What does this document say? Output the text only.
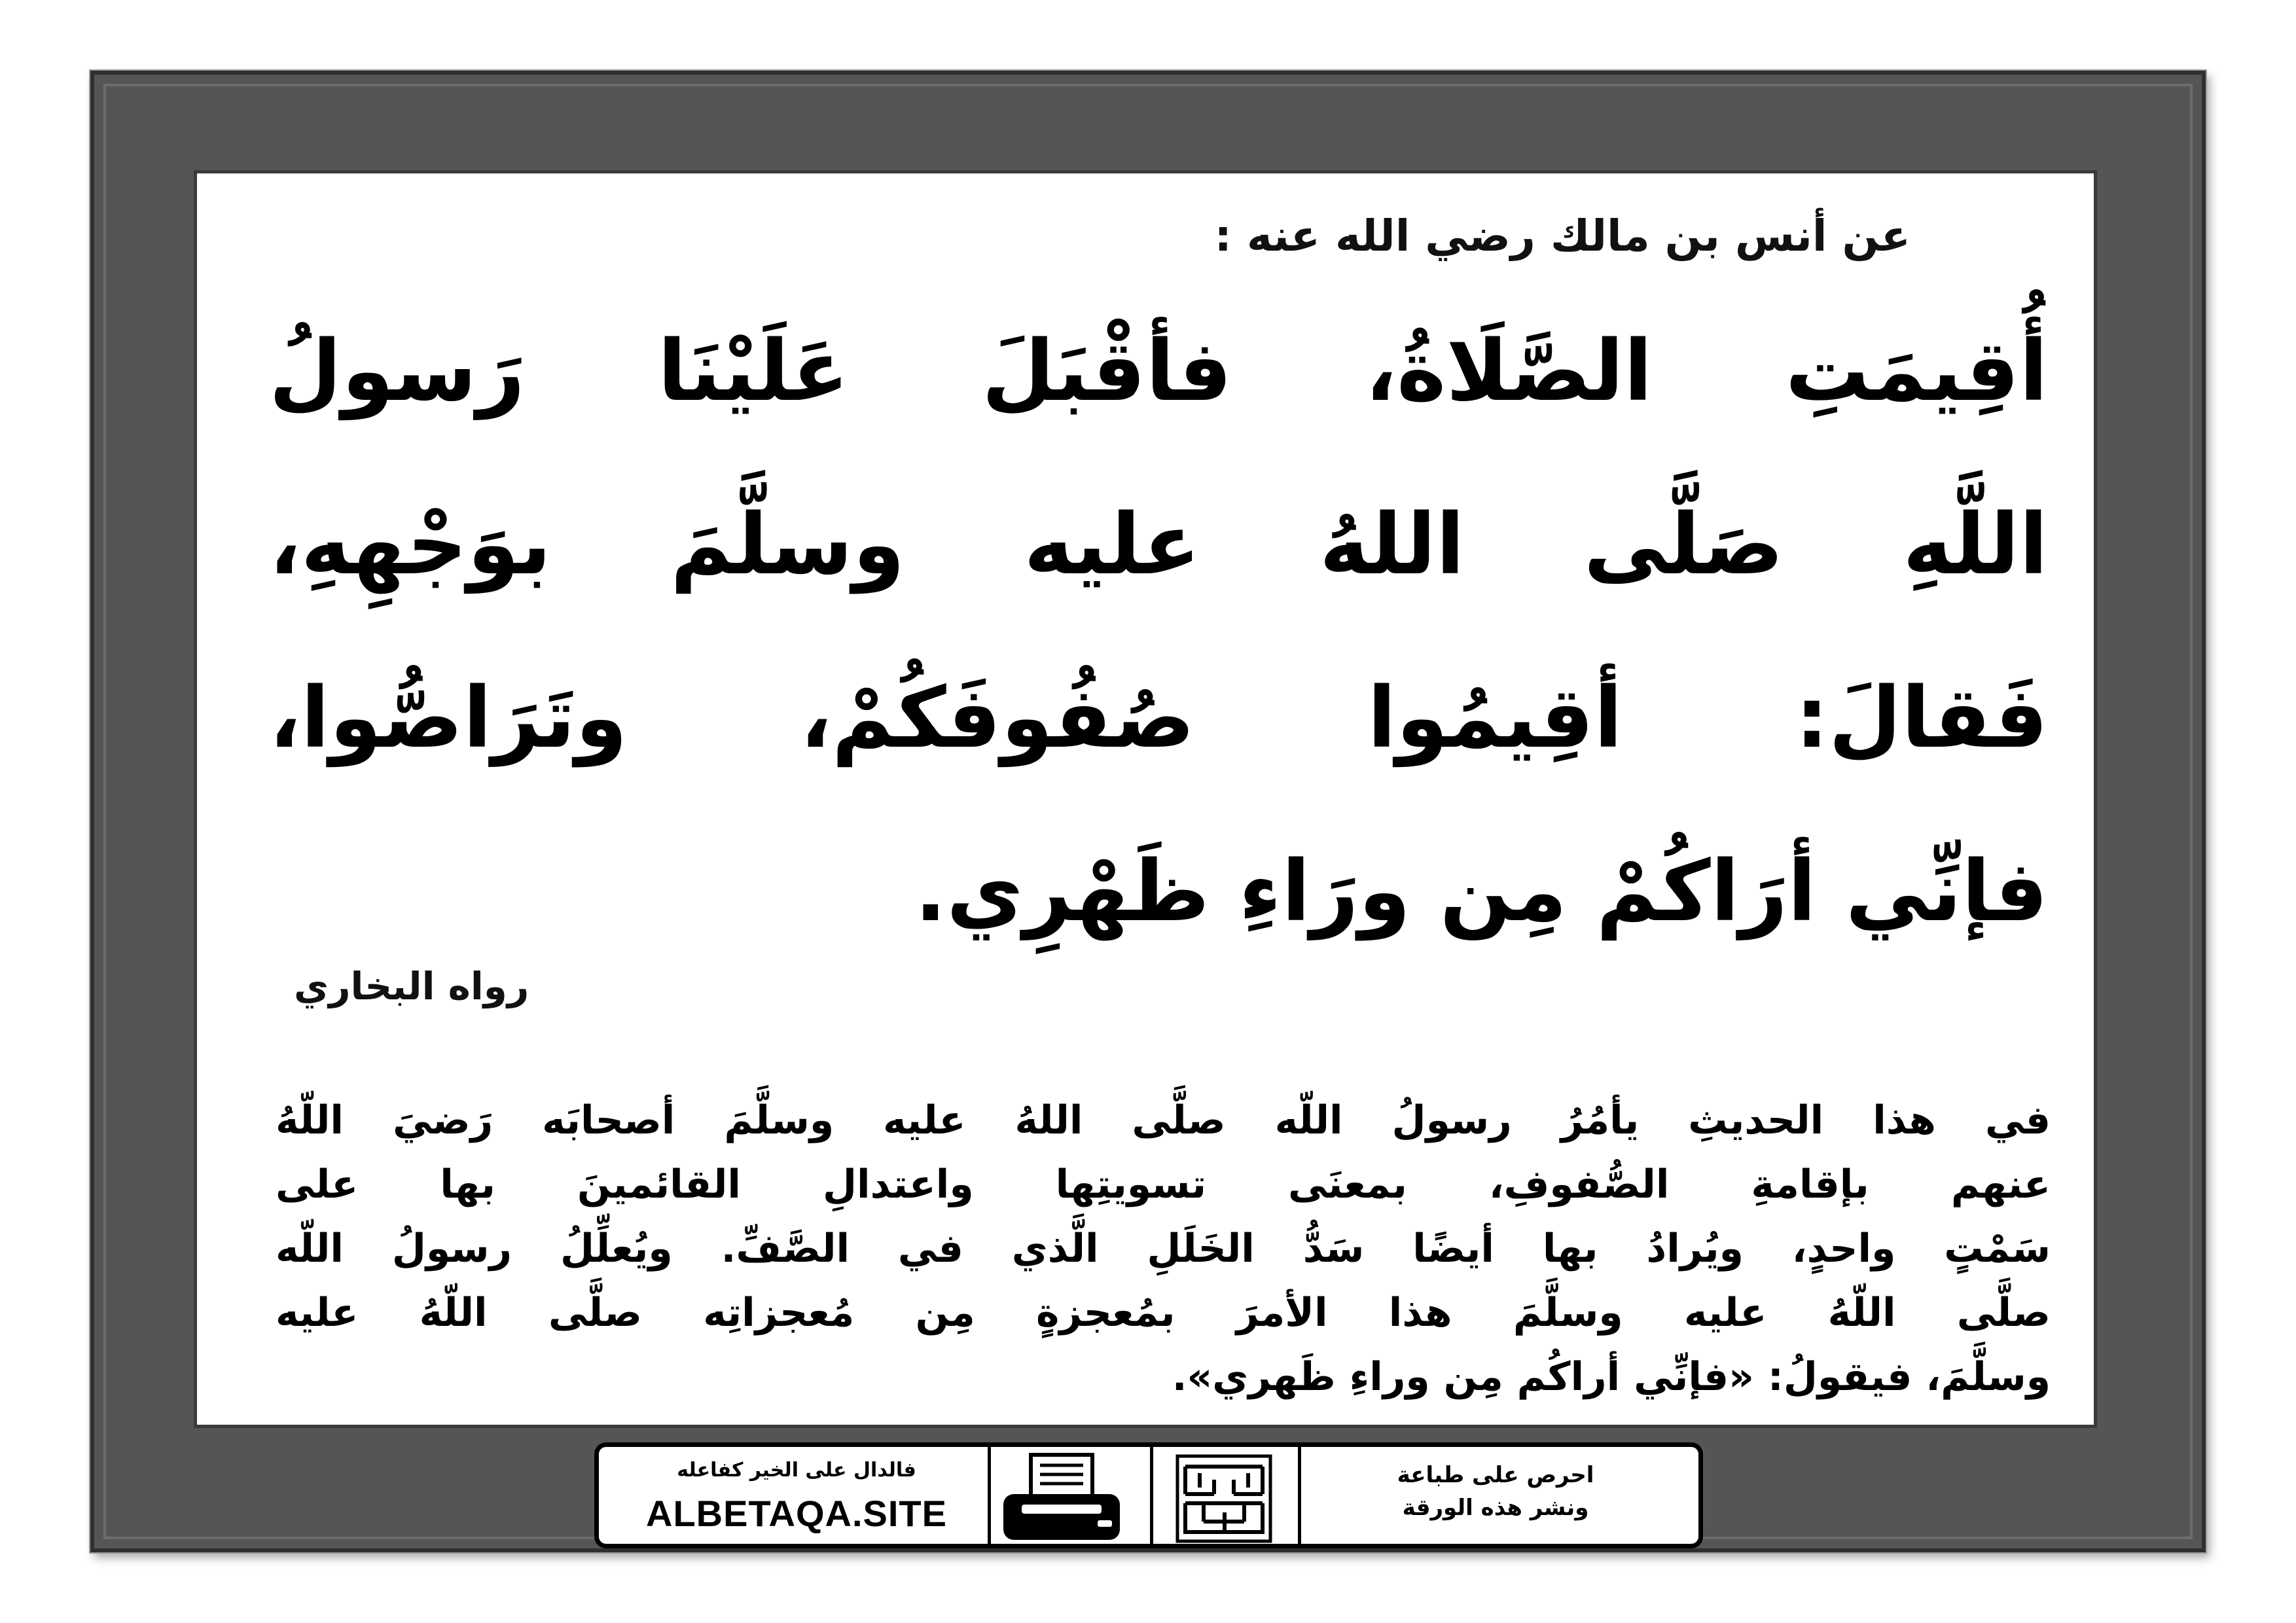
عن أنس بن مالك رضي الله عنه :
أُقِيمَتِ الصَّلَاةُ، فأقْبَلَ عَلَيْنَا رَسولُ
اللَّهِ صَلَّى اللهُ عليه وسلَّمَ بوَجْهِهِ،
فَقالَ: أقِيمُوا صُفُوفَكُمْ، وتَرَاصُّوا،
فإنِّي أرَاكُمْ مِن ورَاءِ ظَهْرِي.
رواه البخاري
في هذا الحديثِ يأمُرُ رسولُ اللّه صلَّى اللهُ عليه وسلَّمَ أصحابَه رَضيَ اللّهُ
عنهم بإقامةِ الصُّفوفِ، بمعنَى تسويتِها واعتدالِ القائمينَ بها على
سَمْتٍ واحدٍ، ويُرادُ بها أيضًا سَدُّ الخَلَلِ الَّذي في الصَّفِّ. ويُعلِّلُ رسولُ اللّه
صلَّى اللّهُ عليه وسلَّمَ هذا الأمرَ بمُعجزةٍ مِن مُعجزاتِه صلَّى اللّهُ عليه
وسلَّمَ، فيقولُ: «فإنِّي أراكُم مِن وراءِ ظَهري».
فالدال على الخير كفاعله
ALBETAQA.SITE
احرص على طباعة
ونشر هذه الورقة
